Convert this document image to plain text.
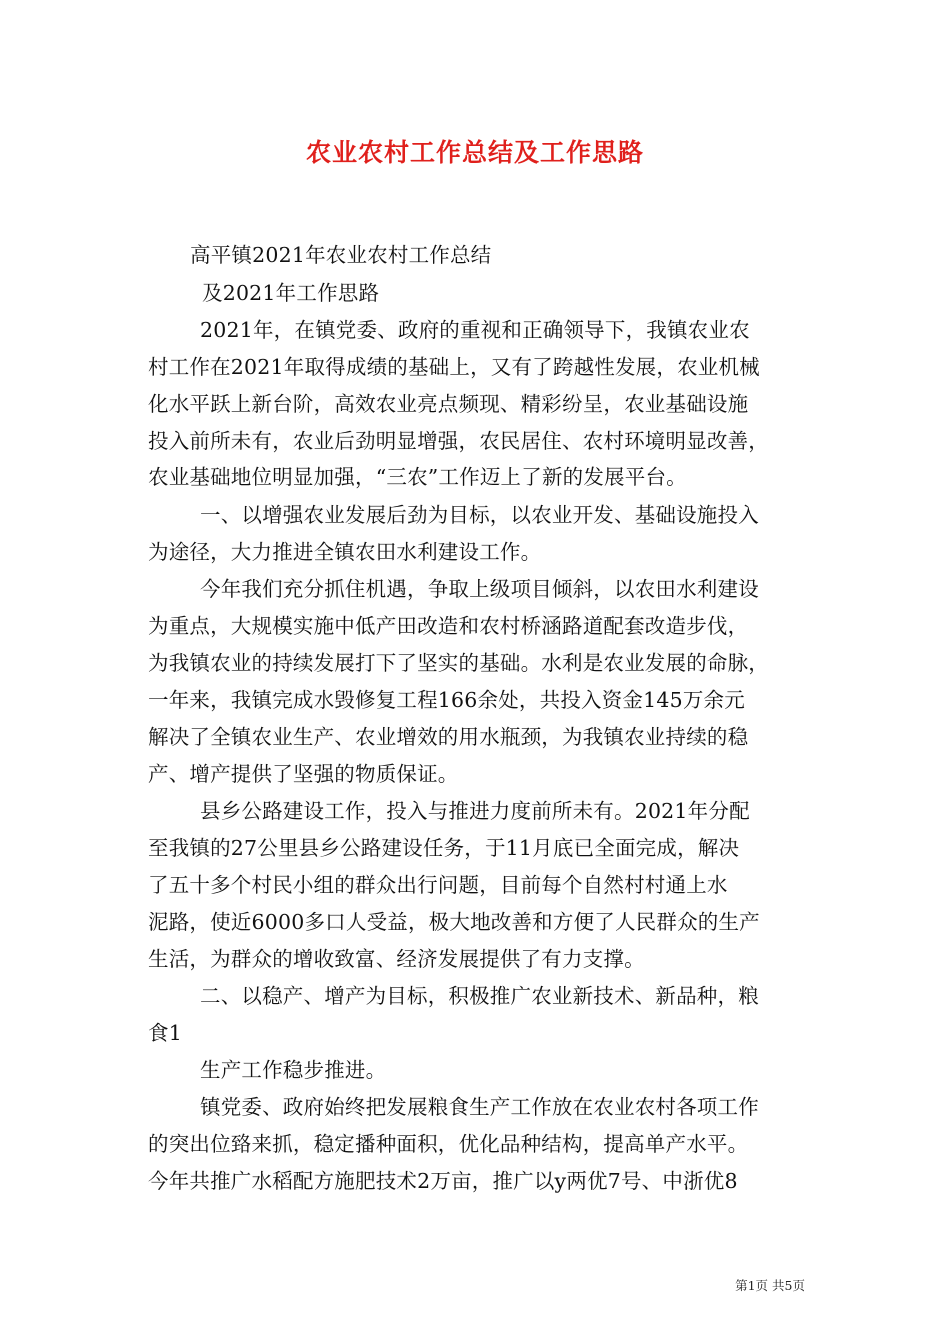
农业农村工作总结及工作思路
高平镇2021年农业农村工作总结
及2021年工作思路
2021年，在镇党委、政府的重视和正确领导下，我镇农业农
村工作在2021年取得成绩的基础上，又有了跨越性发展，农业机械
化水平跃上新台阶，高效农业亮点频现、精彩纷呈，农业基础设施
投入前所未有，农业后劲明显增强，农民居住、农村环境明显改善，
农业基础地位明显加强，“三农”工作迈上了新的发展平台。
一、以增强农业发展后劲为目标，以农业开发、基础设施投入
为途径，大力推进全镇农田水利建设工作。
今年我们充分抓住机遇，争取上级项目倾斜，以农田水利建设
为重点，大规模实施中低产田改造和农村桥涵路道配套改造步伐，
为我镇农业的持续发展打下了坚实的基础。水利是农业发展的命脉，
一年来，我镇完成水毁修复工程166余处，共投入资金145万余元
解决了全镇农业生产、农业增效的用水瓶颈，为我镇农业持续的稳
产、增产提供了坚强的物质保证。
县乡公路建设工作，投入与推进力度前所未有。2021年分配
至我镇的27公里县乡公路建设任务，于11月底已全面完成，解决
了五十多个村民小组的群众出行问题，目前每个自然村村通上水
泥路，使近6000多口人受益，极大地改善和方便了人民群众的生产
生活，为群众的增收致富、经济发展提供了有力支撑。
二、以稳产、增产为目标，积极推广农业新技术、新品种，粮
食1
生产工作稳步推进。
镇党委、政府始终把发展粮食生产工作放在农业农村各项工作
的突出位臵来抓，稳定播种面积，优化品种结构，提高单产水平。
今年共推广水稻配方施肥技术2万亩，推广以y两优7号、中浙优8
第1页 共5页
